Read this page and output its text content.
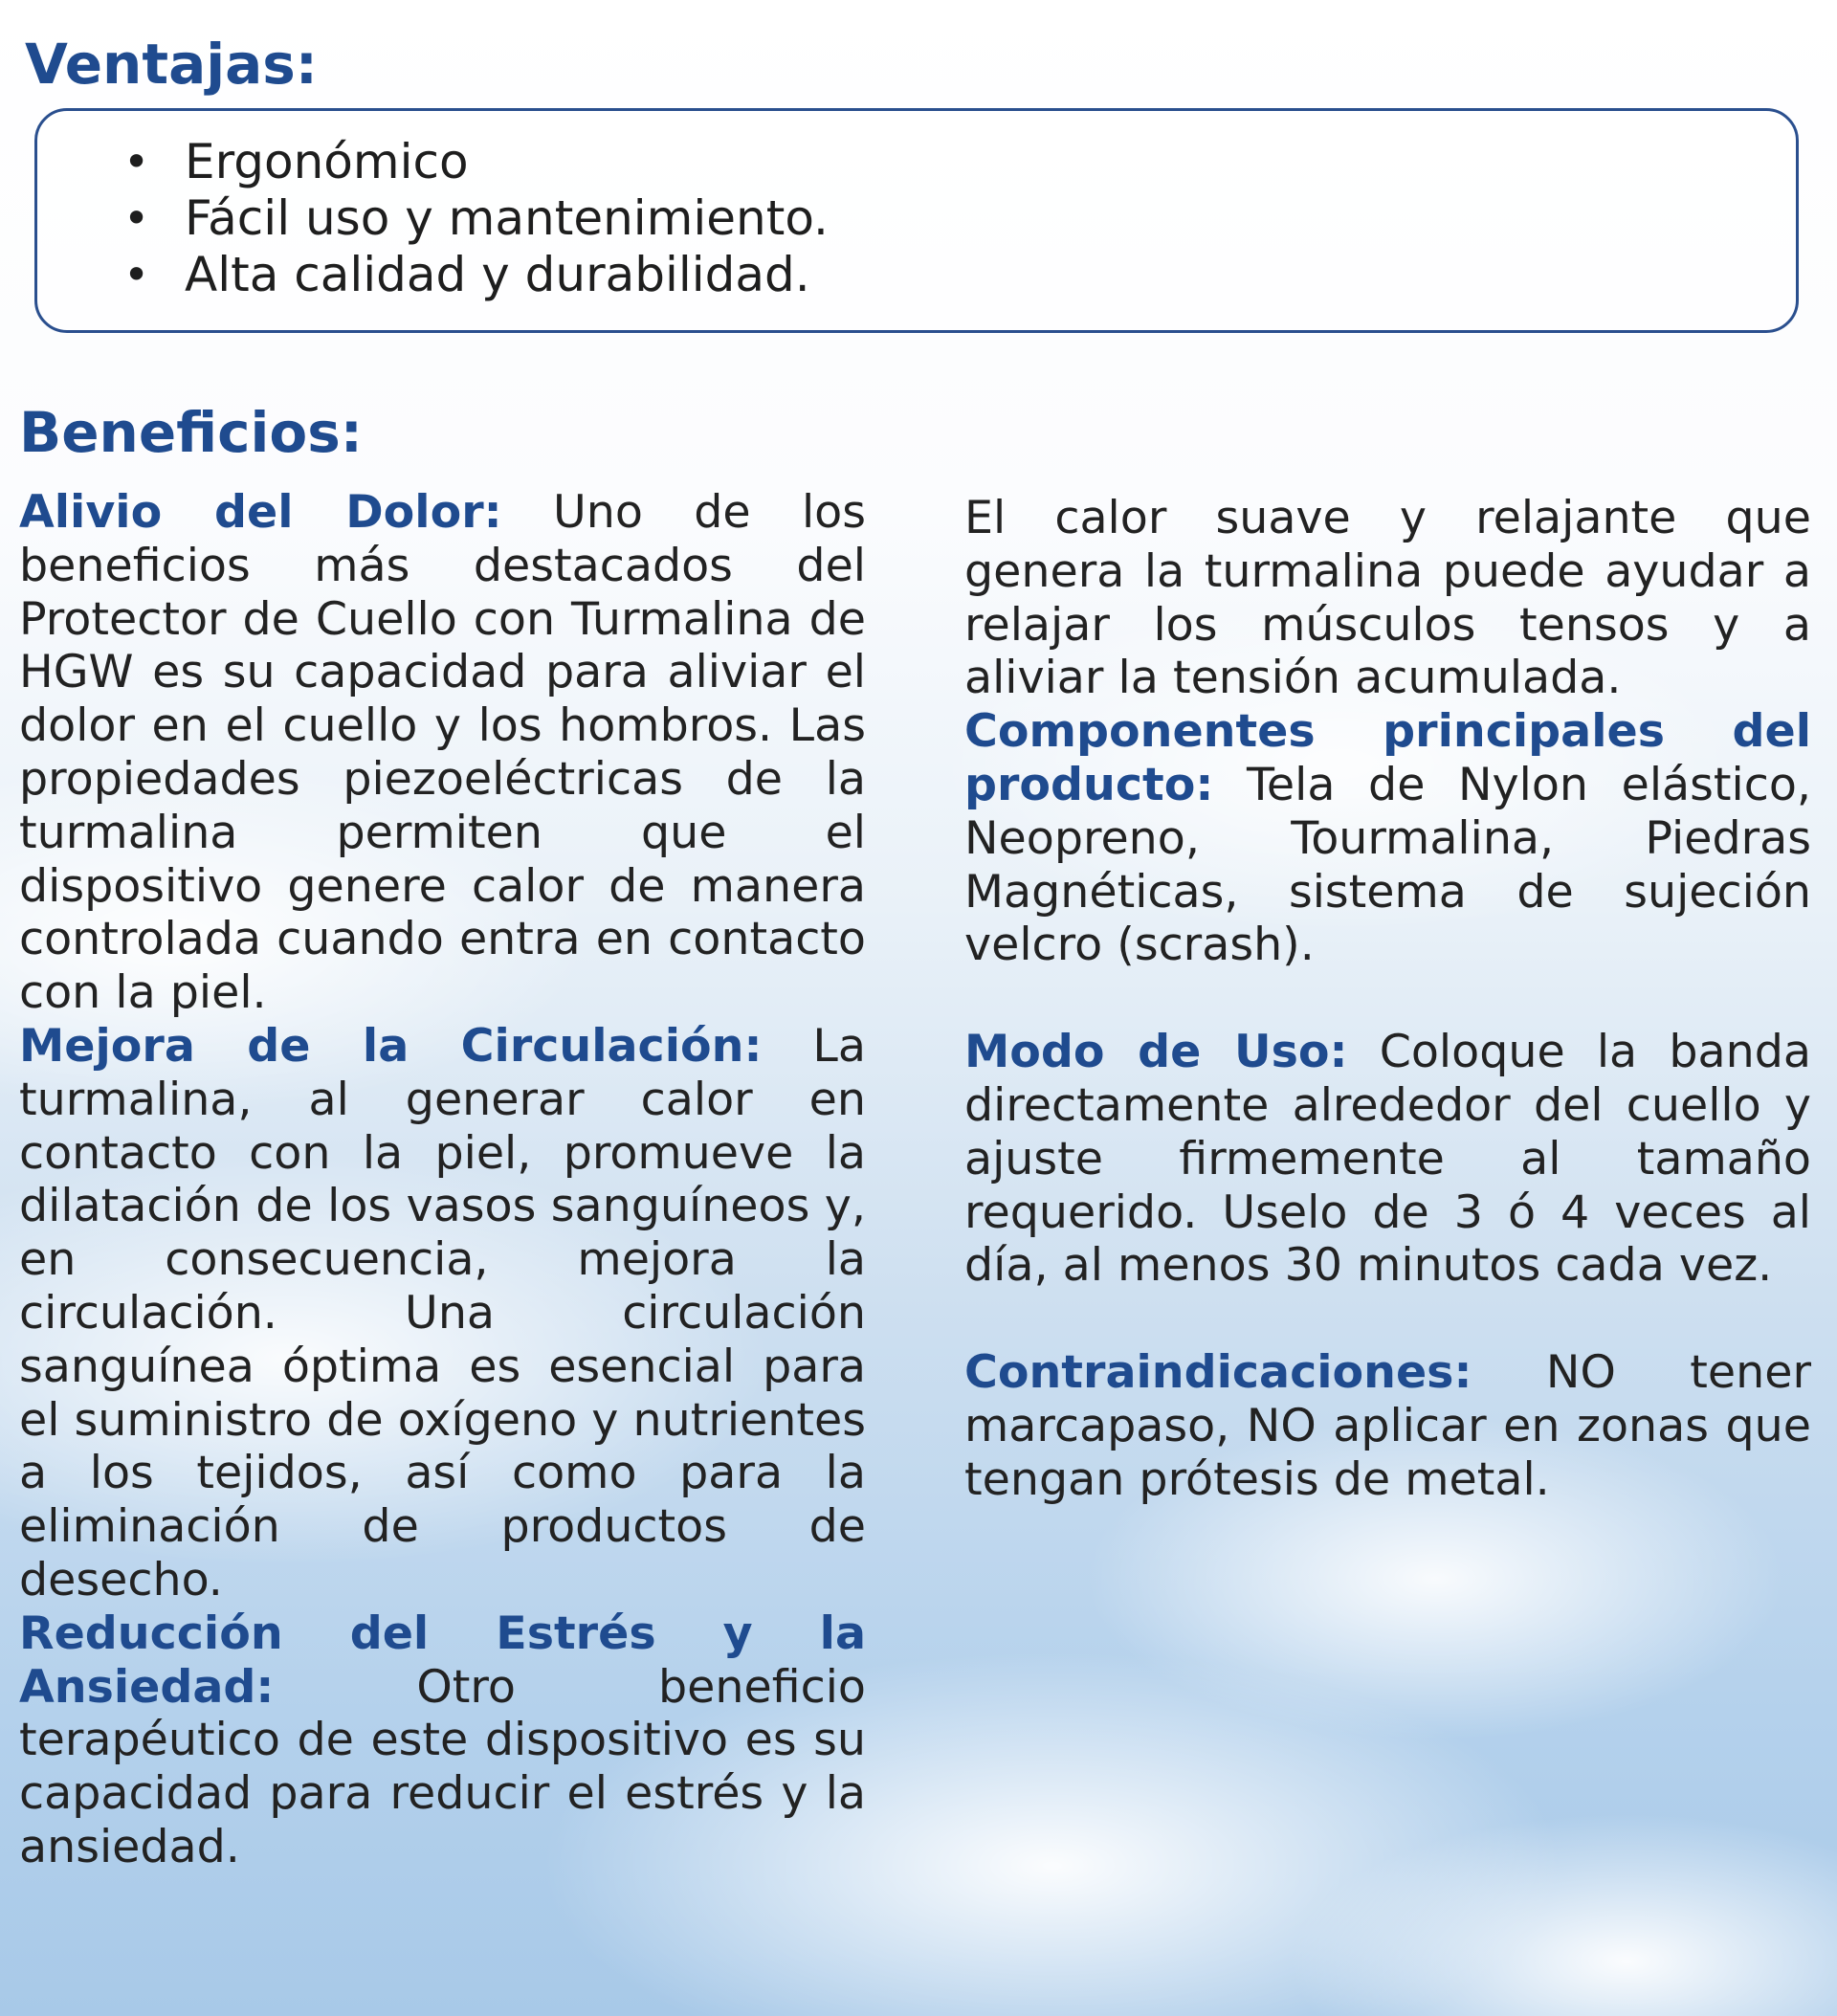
Ventajas:
• Ergonómico
• Fácil uso y mantenimiento.
• Alta calidad y durabilidad.
Beneficios:

Alivio del Dolor: Uno de los beneficios más destacados del Protector de Cuello con Turmalina de HGW es su capacidad para aliviar el dolor en el cuello y los hombros. Las propiedades piezoeléctricas de la turmalina permiten que el dispositivo genere calor de manera controlada cuando entra en contacto con la piel.

Mejora de la Circulación: La turmalina, al generar calor en contacto con la piel, promueve la dilatación de los vasos sanguíneos y, en consecuencia, mejora la circulación. Una circulación sanguínea óptima es esencial para el suministro de oxígeno y nutrientes a los tejidos, así como para la eliminación de productos de desecho.

Reducción del Estrés y la Ansiedad:	Otro beneficio terapéutico de este dispositivo es su capacidad para reducir el estrés y la ansiedad.

El calor suave y relajante que genera la turmalina puede ayudar a relajar los músculos tensos y a aliviar la tensión acumulada.

Componentes principales del producto: Tela de Nylon elástico, Neopreno, Tourmalina, Piedras Magnéticas, sistema de sujeción velcro (scrash).

Modo de Uso: Coloque la banda directamente alrededor del cuello y ajuste firmemente al tamaño requerido. Uselo de 3 ó 4 veces al día, al menos 30 minutos cada vez.

Contraindicaciones: NO tener marcapaso, NO aplicar en zonas que tengan prótesis de metal.
